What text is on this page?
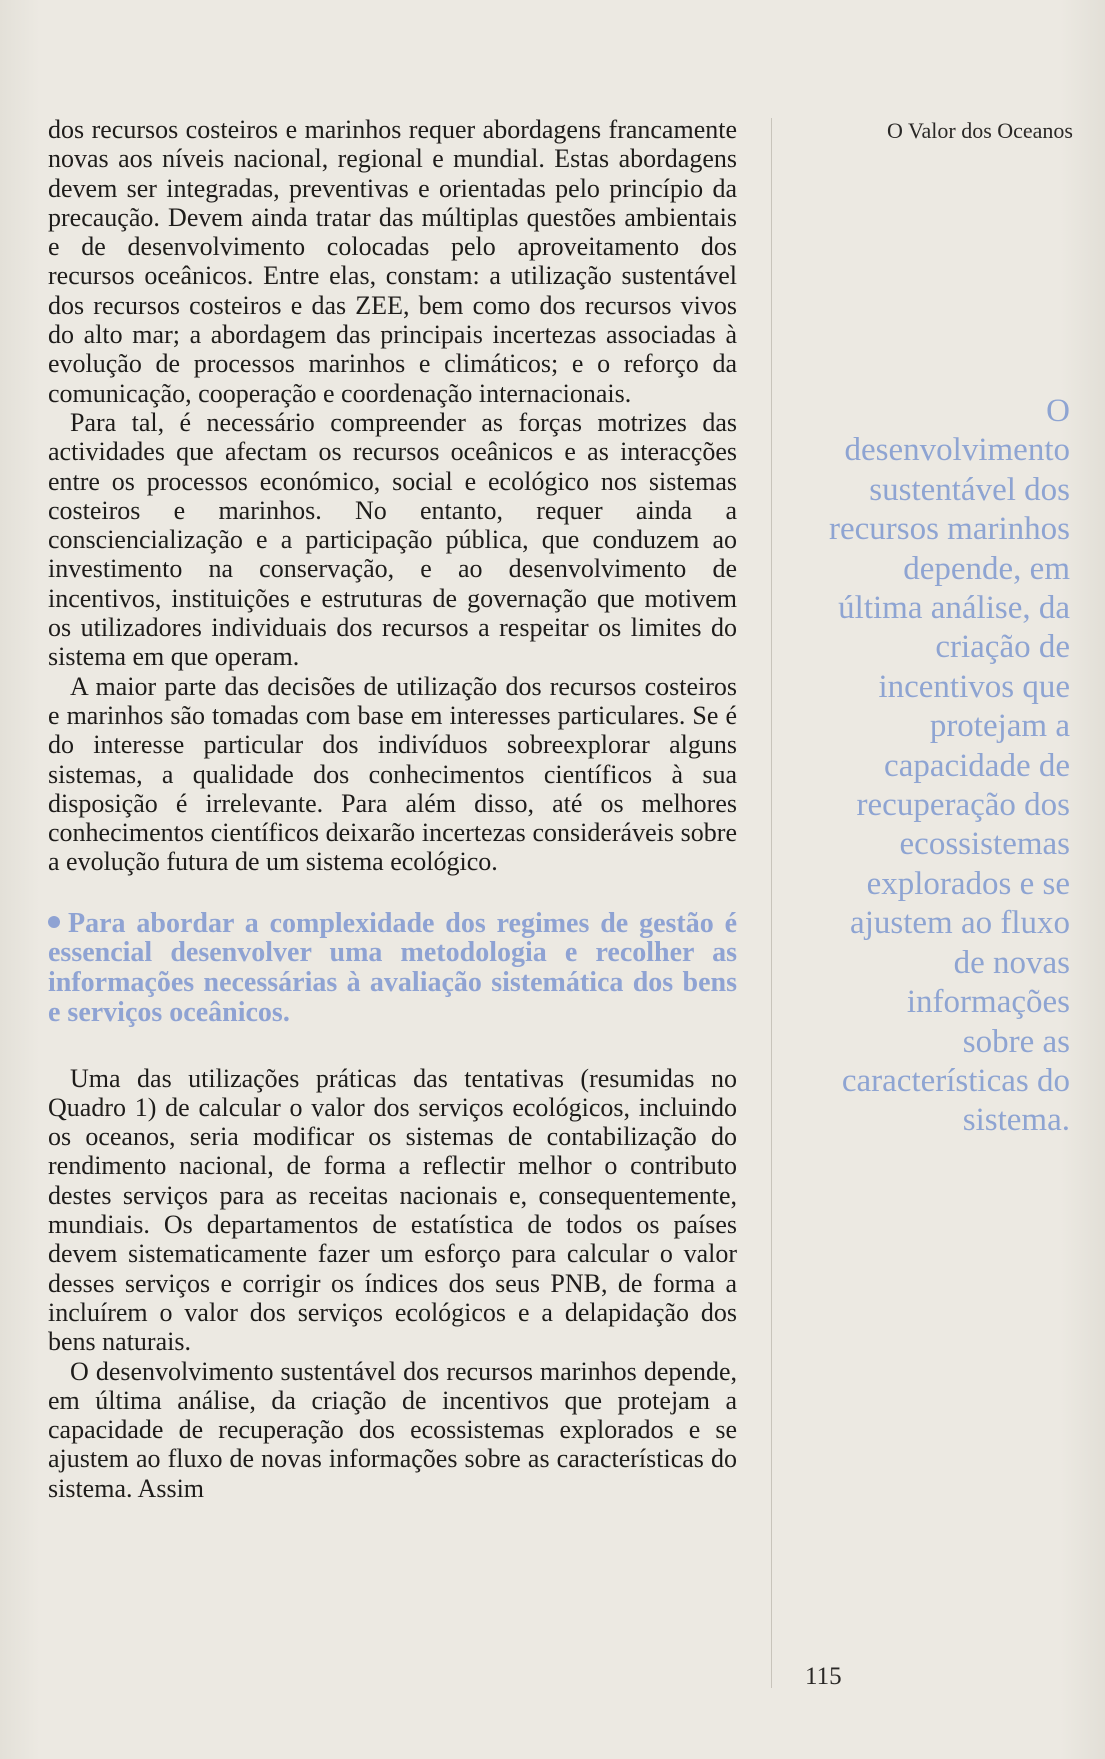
dos recursos costeiros e marinhos requer abordagens francamente novas aos níveis nacional, regional e mundial. Estas abordagens devem ser integradas, preventivas e orientadas pelo princípio da precaução. Devem ainda tratar das múltiplas questões ambientais e de desenvolvimento colocadas pelo aproveitamento dos recursos oceânicos. Entre elas, constam: a utilização sustentável dos recursos costeiros e das ZEE, bem como dos recursos vivos do alto mar; a abordagem das principais incertezas associadas à evolução de processos marinhos e climáticos; e o reforço da comunicação, cooperação e coordenação internacionais.

Para tal, é necessário compreender as forças motrizes das actividades que afectam os recursos oceânicos e as interacções entre os processos económico, social e ecológico nos sistemas costeiros e marinhos. No entanto, requer ainda a consciencialização e a participação pública, que conduzem ao investimento na conservação, e ao desenvolvimento de incentivos, instituições e estruturas de governação que motivem os utilizadores individuais dos recursos a respeitar os limites do sistema em que operam.

A maior parte das decisões de utilização dos recursos costeiros e marinhos são tomadas com base em interesses particulares. Se é do interesse particular dos indivíduos sobreexplorar alguns sistemas, a qualidade dos conhecimentos científicos à sua disposição é irrelevante. Para além disso, até os melhores conhecimentos científicos deixarão incertezas consideráveis sobre a evolução futura de um sistema ecológico.

Para abordar a complexidade dos regimes de gestão é essencial desenvolver uma metodologia e recolher as informações necessárias à avaliação sistemática dos bens e serviços oceânicos.

Uma das utilizações práticas das tentativas (resumidas no Quadro 1) de calcular o valor dos serviços ecológicos, incluindo os oceanos, seria modificar os sistemas de contabilização do rendimento nacional, de forma a reflectir melhor o contributo destes serviços para as receitas nacionais e, consequentemente, mundiais. Os departamentos de estatística de todos os países devem sistematicamente fazer um esforço para calcular o valor desses serviços e corrigir os índices dos seus PNB, de forma a incluírem o valor dos serviços ecológicos e a delapidação dos bens naturais.

O desenvolvimento sustentável dos recursos marinhos depende, em última análise, da criação de incentivos que protejam a capacidade de recuperação dos ecossistemas explorados e se ajustem ao fluxo de novas informações sobre as características do sistema. Assim

O Valor dos Oceanos
O
desenvolvimento
sustentável dos
recursos marinhos
depende, em
última análise, da
criação de
incentivos que
protejam a
capacidade de
recuperação dos
ecossistemas
explorados e se
ajustem ao fluxo
de novas
informações
sobre as
características do
sistema.
115
